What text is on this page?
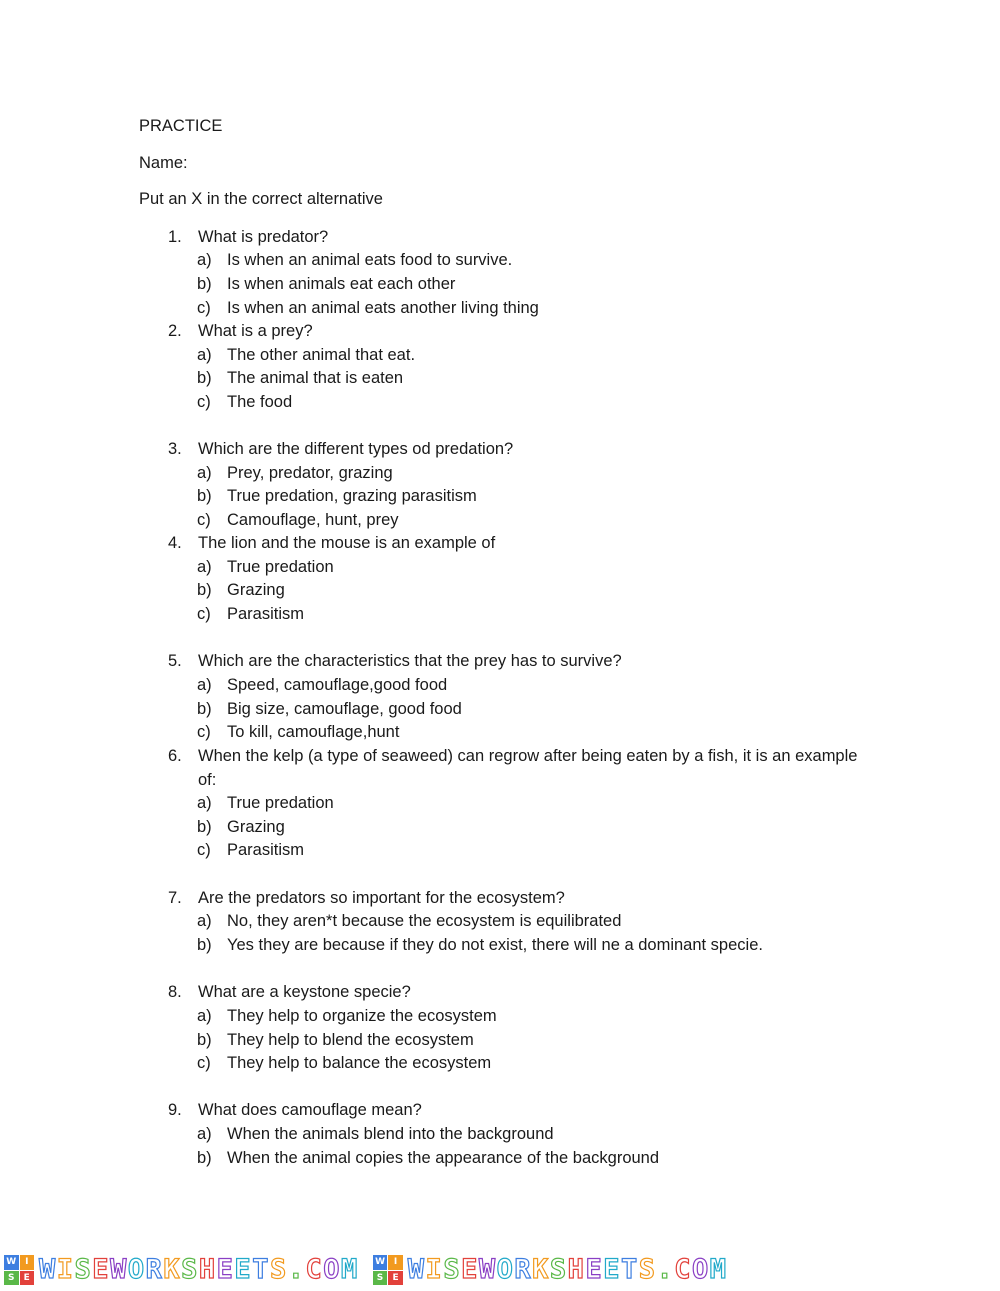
PRACTICE
Name:
Put an X in the correct alternative
1. What is predator?
a) Is when an animal eats food to survive.
b) Is when animals eat each other
c) Is when an animal eats another living thing
2. What is a prey?
a) The other animal that eat.
b) The animal that is eaten
c) The food
3. Which are the different types od predation?
a) Prey, predator, grazing
b) True predation, grazing parasitism
c) Camouflage, hunt, prey
4. The lion and the mouse is an example of
a) True predation
b) Grazing
c) Parasitism
5. Which are the characteristics that the prey has to survive?
a) Speed, camouflage,good food
b) Big size, camouflage, good food
c) To kill, camouflage,hunt
6. When the kelp (a type of seaweed) can regrow after being eaten by a fish, it is an example
of:
a) True predation
b) Grazing
c) Parasitism
7. Are the predators so important for the ecosystem?
a) No, they aren*t because the ecosystem is equilibrated
b) Yes they are because if they do not exist, there will ne a dominant specie.
8. What are a keystone specie?
a) They help to organize the ecosystem
b) They help to blend the ecosystem
c) They help to balance the ecosystem
9. What does camouflage mean?
a) When the animals blend into the background
b) When the animal copies the appearance of the background
W I
S	E WISEWORKSHEETS.COM W I
S	E WISEWORKSHEETS.COM
